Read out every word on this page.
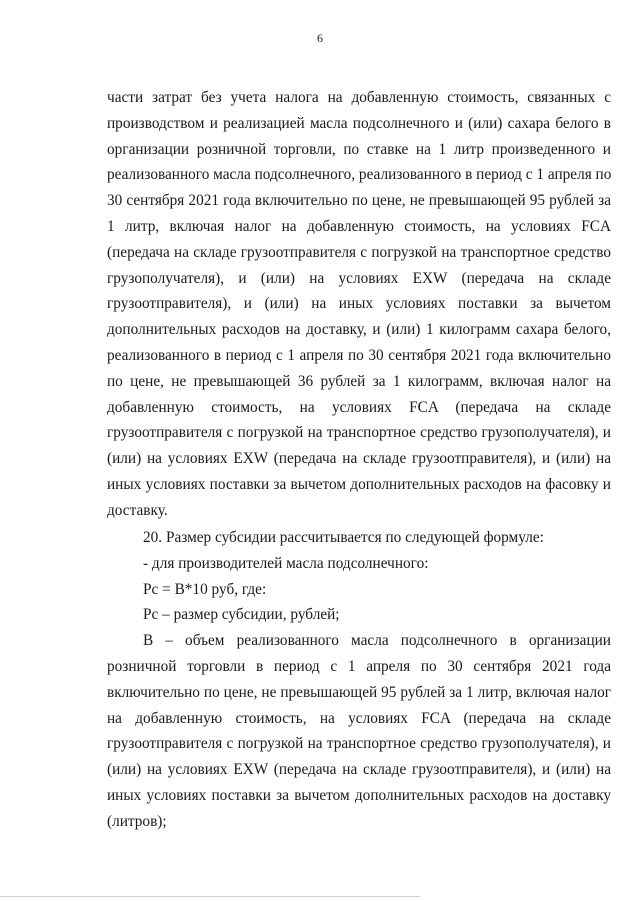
6
части затрат без учета налога на добавленную стоимость, связанных с
производством и реализацией масла подсолнечного и (или) сахара белого в
организации розничной торговли, по ставке на 1 литр произведенного и
реализованного масла подсолнечного, реализованного в период с 1 апреля по
30 сентября 2021 года включительно по цене, не превышающей 95 рублей за
1 литр, включая налог на добавленную стоимость, на условиях FCA
(передача на складе грузоотправителя с погрузкой на транспортное средство
грузополучателя), и (или) на условиях EXW (передача на складе
грузоотправителя), и (или) на иных условиях поставки за вычетом
дополнительных расходов на доставку, и (или) 1 килограмм сахара белого,
реализованного в период с 1 апреля по 30 сентября 2021 года включительно
по цене, не превышающей 36 рублей за 1 килограмм, включая налог на
добавленную стоимость, на условиях FCA (передача на складе
грузоотправителя с погрузкой на транспортное средство грузополучателя), и
(или) на условиях EXW (передача на складе грузоотправителя), и (или) на
иных условиях поставки за вычетом дополнительных расходов на фасовку и
доставку.

20. Размер субсидии рассчитывается по следующей формуле:

- для производителей масла подсолнечного:

Рс = В*10 руб, где:

Рс – размер субсидии, рублей;

В – объем реализованного масла подсолнечного в организации
розничной торговли в период с 1 апреля по 30 сентября 2021 года
включительно по цене, не превышающей 95 рублей за 1 литр, включая налог
на добавленную стоимость, на условиях FCA (передача на складе
грузоотправителя с погрузкой на транспортное средство грузополучателя), и
(или) на условиях EXW (передача на складе грузоотправителя), и (или) на
иных условиях поставки за вычетом дополнительных расходов на доставку
(литров);
